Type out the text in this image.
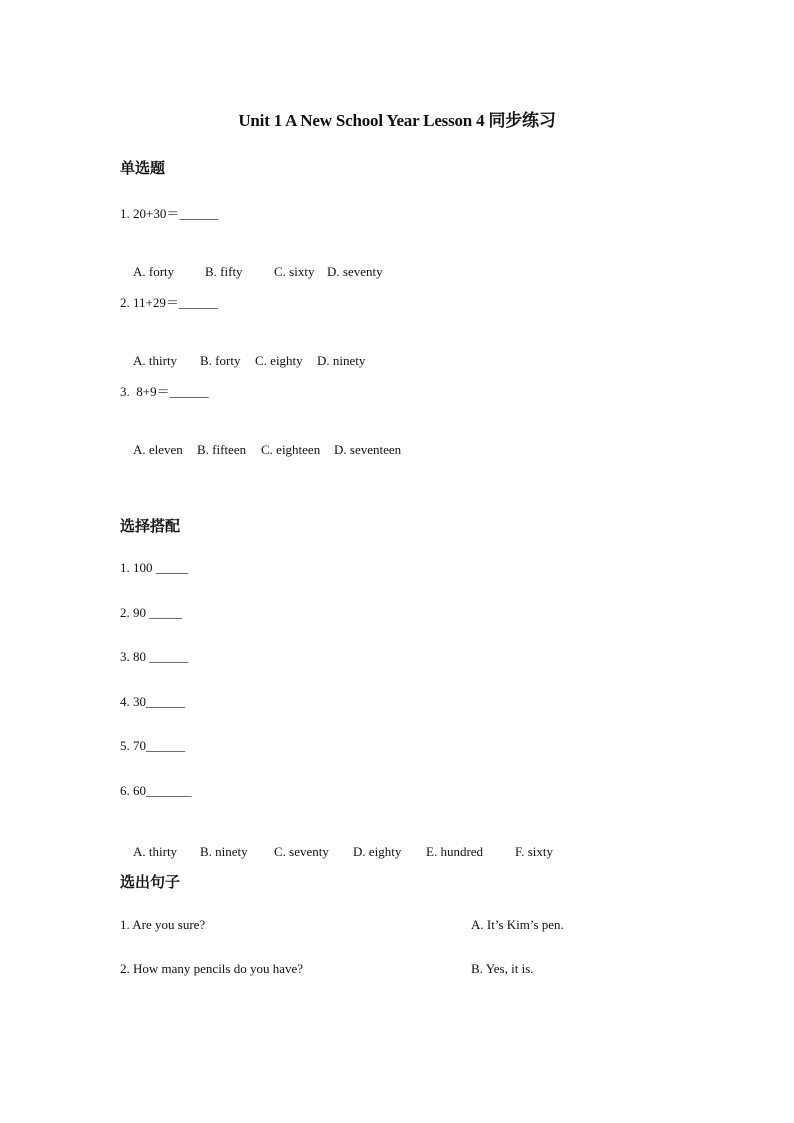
Unit 1 A New School Year Lesson 4 同步练习
单选题
1. 20+30＝______

A. forty B. fifty C. sixty D. seventy

2. 11+29＝______

A. thirty B. forty C. eighty D. ninety

3.  8+9＝______

A. eleven B. fifteen C. eighteen D. seventeen

选择搭配
1. 100 _____
2. 90 _____
3. 80 ______
4. 30______
5. 70______
6. 60_______

A. thirty B. ninety C. seventy D. eighty E. hundred F. sixty

选出句子
1. Are you sure?	A. It’s Kim’s pen.
2. How many pencils do you have?	B. Yes, it is.
